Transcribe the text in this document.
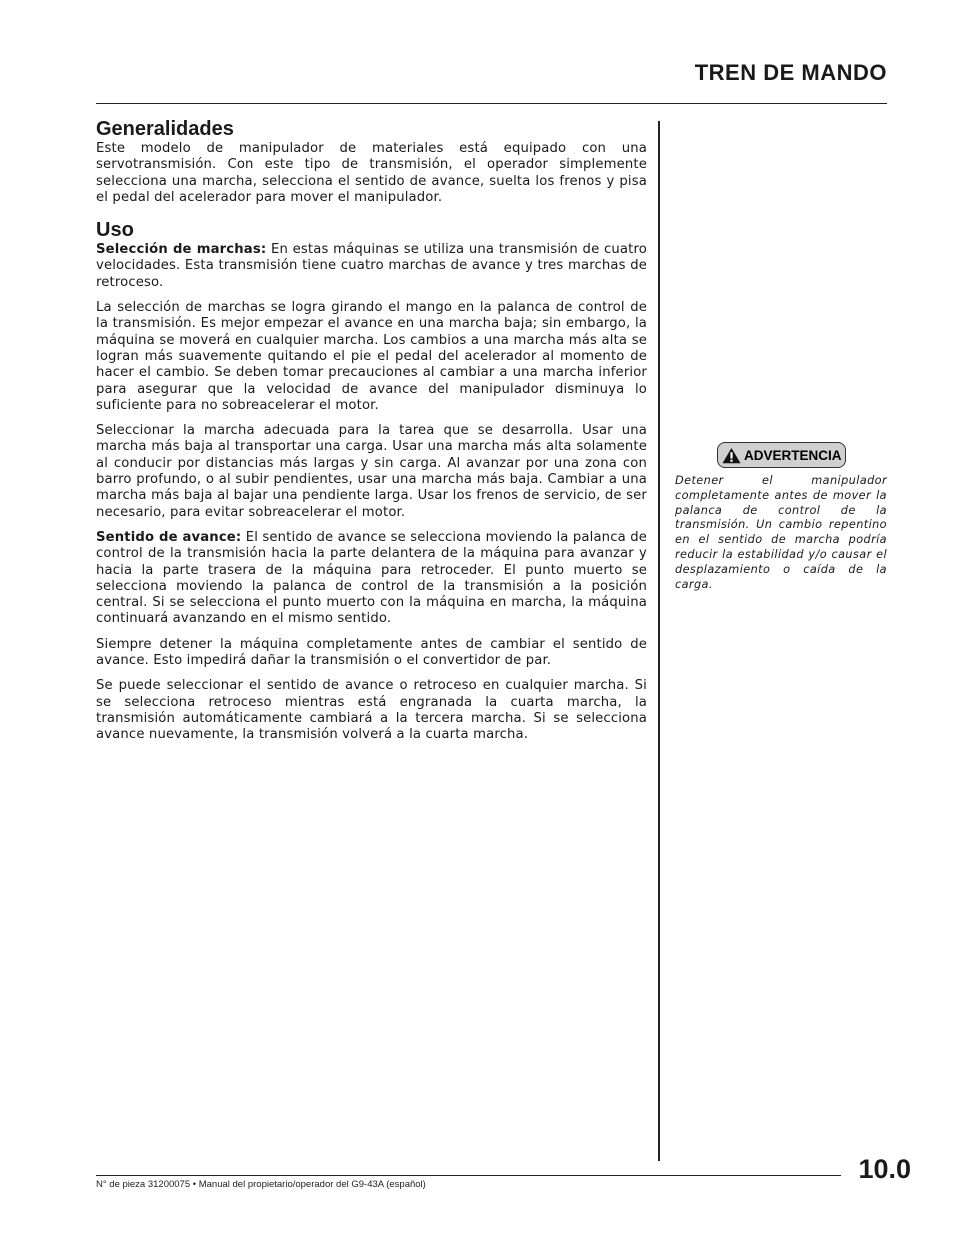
TREN DE MANDO
Generalidades

Este modelo de manipulador de materiales está equipado con una servotransmisión. Con este tipo de transmisión, el operador simplemente selecciona una marcha, selecciona el sentido de avance, suelta los frenos y pisa el pedal del acelerador para mover el manipulador.

Uso

Selección de marchas: En estas máquinas se utiliza una transmisión de cuatro velocidades. Esta transmisión tiene cuatro marchas de avance y tres marchas de retroceso.

La selección de marchas se logra girando el mango en la palanca de control de la transmisión. Es mejor empezar el avance en una marcha baja; sin embargo, la máquina se moverá en cualquier marcha. Los cambios a una marcha más alta se logran más suavemente quitando el pie el pedal del acelerador al momento de hacer el cambio. Se deben tomar precauciones al cambiar a una marcha inferior para asegurar que la velocidad de avance del manipulador disminuya lo suficiente para no sobreacelerar el motor.

Seleccionar la marcha adecuada para la tarea que se desarrolla. Usar una marcha más baja al transportar una carga. Usar una marcha más alta solamente al conducir por distancias más largas y sin carga. Al avanzar por una zona con barro profundo, o al subir pendientes, usar una marcha más baja. Cambiar a una marcha más baja al bajar una pendiente larga. Usar los frenos de servicio, de ser necesario, para evitar sobreacelerar el motor.

Sentido de avance: El sentido de avance se selecciona moviendo la palanca de control de la transmisión hacia la parte delantera de la máquina para avanzar y hacia la parte trasera de la máquina para retroceder. El punto muerto se selecciona moviendo la palanca de control de la transmisión a la posición central. Si se selecciona el punto muerto con la máquina en marcha, la máquina continuará avanzando en el mismo sentido.

Siempre detener la máquina completamente antes de cambiar el sentido de avance. Esto impedirá dañar la transmisión o el convertidor de par.

Se puede seleccionar el sentido de avance o retroceso en cualquier marcha. Si se selecciona retroceso mientras está engranada la cuarta marcha, la transmisión automáticamente cambiará a la tercera marcha. Si se selecciona avance nuevamente, la transmisión volverá a la cuarta marcha.

ADVERTENCIA

Detener el manipulador completamente antes de mover la palanca de control de la transmisión. Un cambio repentino en el sentido de marcha podría reducir la estabilidad y/o causar el desplazamiento o caída de la carga.

N° de pieza 31200075 • Manual del propietario/operador del G9-43A (español)
10.0
